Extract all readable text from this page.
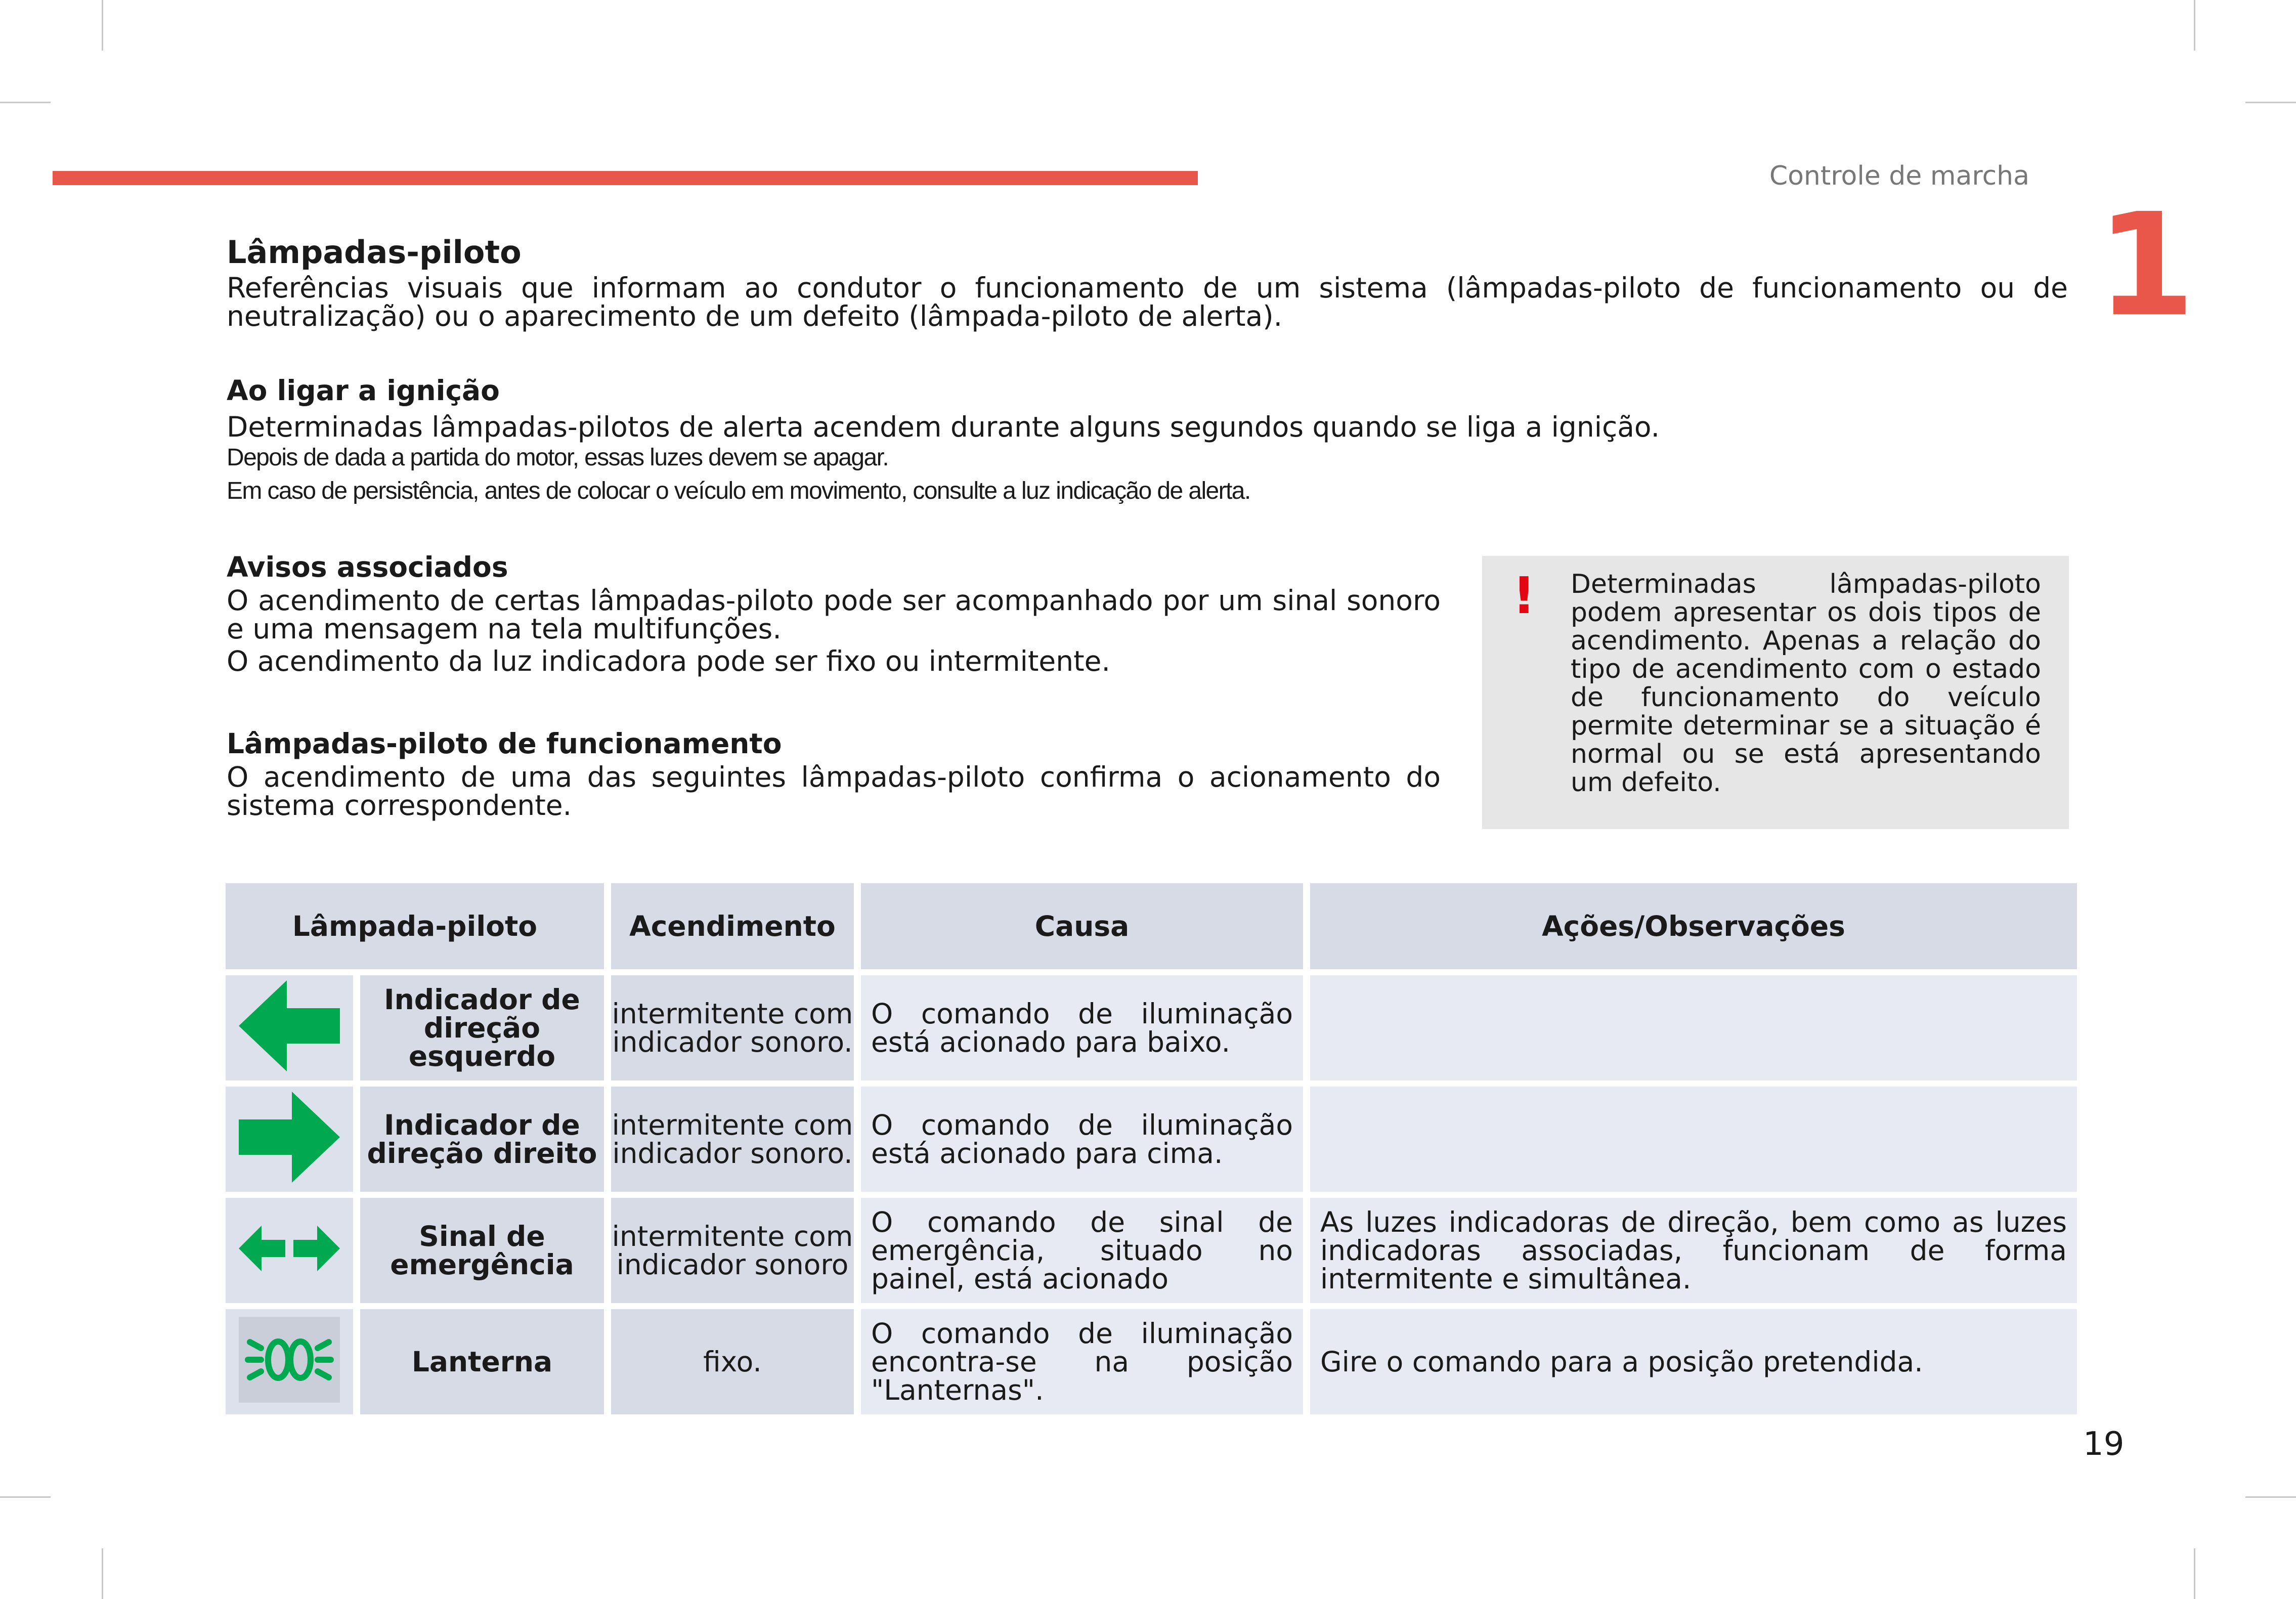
Controle de marcha
1
Lâmpadas-piloto

Referências visuais que informam ao condutor o funcionamento de um sistema (lâmpadas-piloto de funcionamento ou de neutralização) ou o aparecimento de um defeito (lâmpada-piloto de alerta).

Ao ligar a ignição

Determinadas lâmpadas-pilotos de alerta acendem durante alguns segundos quando se liga a ignição.

Depois de dada a partida do motor, essas luzes devem se apagar.
Em caso de persistência, antes de colocar o veículo em movimento, consulte a luz indicação de alerta.
Avisos associados

O acendimento de certas lâmpadas-piloto pode ser acompanhado por um sinal sonoro e uma mensagem na tela multifunções.

O acendimento da luz indicadora pode ser fixo ou intermitente.

Lâmpadas-piloto de funcionamento

O acendimento de uma das seguintes lâmpadas-piloto confirma o acionamento do sistema correspondente.

! Determinadas lâmpadas-piloto podem apresentar os dois tipos de acendimento. Apenas a relação do tipo de acendimento com o estado de funcionamento do veículo permite determinar se a situação é normal ou se está apresentando um defeito.
Lâmpada-piloto		Acendimento	Causa	Ações/Observações
	Indicador de direção esquerdo	intermitente com indicador sonoro.	O comando de iluminação está acionado para baixo.	
	Indicador de direção direito	intermitente com indicador sonoro.	O comando de iluminação está acionado para cima.	
	Sinal de emergência	intermitente com indicador sonoro	O comando de sinal de emergência, situado no painel, está acionado	As luzes indicadoras de direção, bem como as luzes indicadoras associadas, funcionam de forma intermitente e simultânea.
	Lanterna	fixo.	O comando de iluminação encontra-se na posição "Lanternas".	Gire o comando para a posição pretendida.
19
